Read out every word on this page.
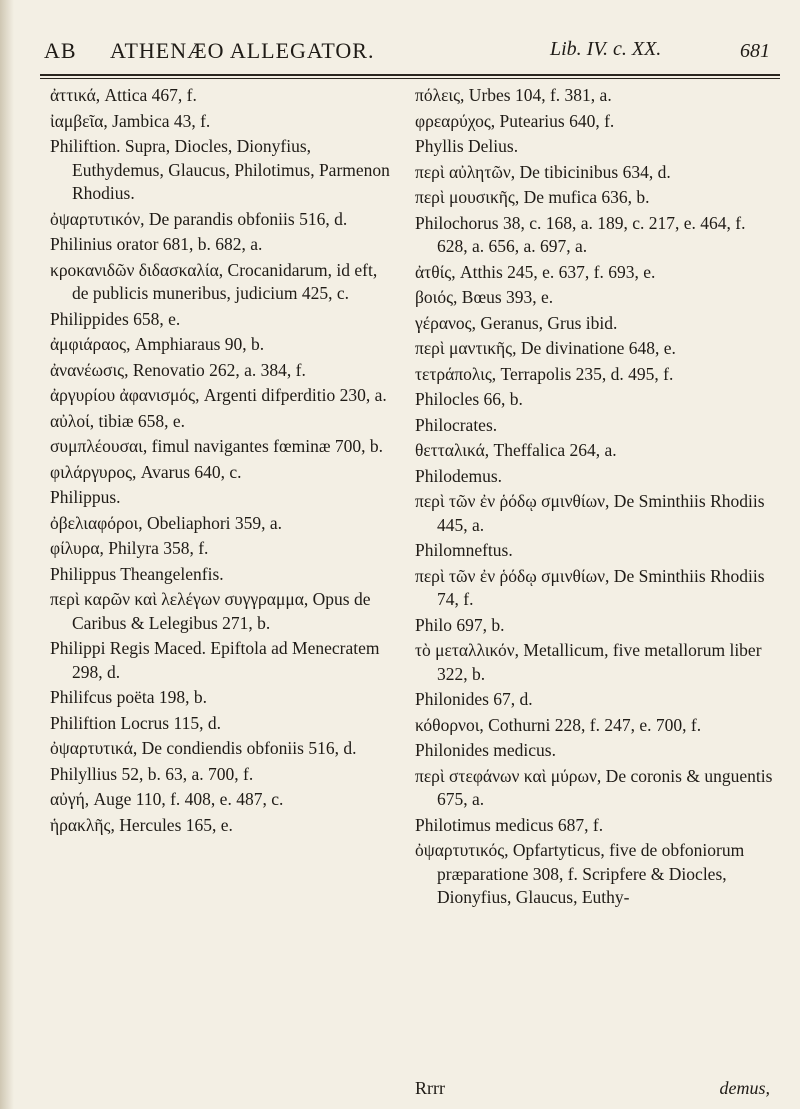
AB ATHENÆO ALLEGATOR.	Lib. IV. c. XX.	681

ἀττικά, Attica 467, f.

ἰαμβεῖα, Jambica 43, f.

Philiftion. Supra, Diocles, Dionyfius, Euthydemus, Glaucus, Philotimus, Parmenon Rhodius.

ὀψαρτυτικόν, De parandis obfoniis 516, d.

Philinius orator 681, b. 682, a.

κροκανιδῶν διδασκαλία, Crocanidarum, id eft, de publicis muneribus, judicium 425, c.

Philippides 658, e.

ἀμφιάραος, Amphiaraus 90, b.

ἀνανέωσις, Renovatio 262, a. 384, f.

ἀργυρίου ἀφανισμός, Argenti difperditio 230, a.

αὐλοί, tibiæ 658, e.

συμπλέουσαι, fimul navigantes fœminæ 700, b.

φιλάργυρος, Avarus 640, c.

Philippus.

ὀβελιαφόροι, Obeliaphori 359, a.

φίλυρα, Philyra 358, f.

Philippus Theangelenfis.

περὶ καρῶν καὶ λελέγων συγγραμμα, Opus de Caribus & Lelegibus 271, b.

Philippi Regis Maced. Epiftola ad Menecratem 298, d.

Philifcus poëta 198, b.

Philiftion Locrus 115, d.

ὀψαρτυτικά, De condiendis obfoniis 516, d.

Philyllius 52, b. 63, a. 700, f.

αὐγή, Auge 110, f. 408, e. 487, c.

ἡρακλῆς, Hercules 165, e.

πόλεις, Urbes 104, f. 381, a.

φρεαρύχος, Putearius 640, f.

Phyllis Delius.

περὶ αὐλητῶν, De tibicinibus 634, d.

περὶ μουσικῆς, De mufica 636, b.

Philochorus 38, c. 168, a. 189, c. 217, e. 464, f. 628, a. 656, a. 697, a.

ἀτθίς, Atthis 245, e. 637, f. 693, e.

βοιός, Bœus 393, e.

γέρανος, Geranus, Grus ibid.

περὶ μαντικῆς, De divinatione 648, e.

τετράπολις, Terrapolis 235, d. 495, f.

Philocles 66, b.

Philocrates.

θετταλικά, Theffalica 264, a.

Philodemus.

περὶ τῶν ἐν ῥόδῳ σμινθίων, De Sminthiis Rhodiis 445, a.

Philomneftus.

περὶ τῶν ἐν ῥόδῳ σμινθίων, De Sminthiis Rhodiis 74, f.

Philo 697, b.

τὸ μεταλλικόν, Metallicum, five metallorum liber 322, b.

Philonides 67, d.

κόθορνοι, Cothurni 228, f. 247, e. 700, f.

Philonides medicus.

περὶ στεφάνων καὶ μύρων, De coronis & unguentis 675, a.

Philotimus medicus 687, f.

ὀψαρτυτικός, Opfartyticus, five de obfoniorum præparatione 308, f. Scripfere & Diocles, Dionyfius, Glaucus, Euthy-

Rrrr	demus,
